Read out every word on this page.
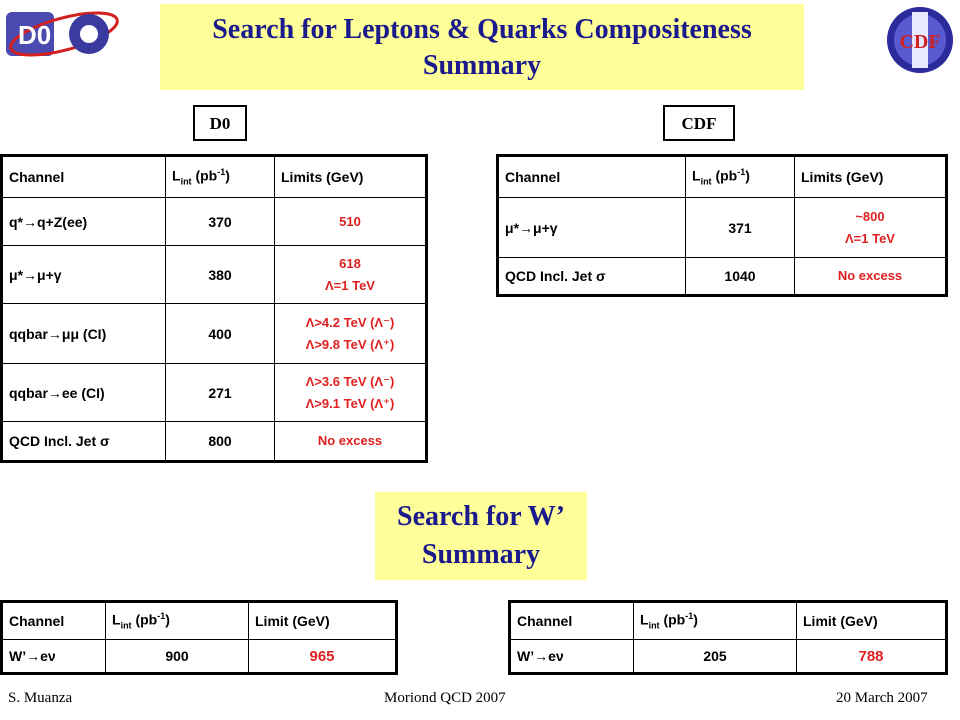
D0	CDF
Search for Leptons & Quarks Compositeness
Summary
D0	CDF
Channel	$L_{int}$ $(pb^{-1})$	Limits (GeV)
q*→q+Z(ee)	370	510

μ*→μ+γ	380	618
Λ=1 TeV

qqbar→μμ (CI)	400	Λ>4.2 TeV (Λ⁻)
Λ>9.8 TeV (Λ⁺)

qqbar→ee (CI)	271	Λ>3.6 TeV (Λ⁻)
Λ>9.1 TeV (Λ⁺)

QCD Incl. Jet σ	800	No excess
Channel	$L_{int}$ $(pb^{-1})$	Limits (GeV)
μ*→μ+γ	371	~800
Λ=1 TeV

QCD Incl. Jet σ	1040	No excess
Search for W’
Summary
Channel	$L_{int}$ $(pb^{-1})$	Limit (GeV)
W’→eν	900	965
Channel	$L_{int}$ $(pb^{-1})$	Limit (GeV)
W’→eν	205	788
S. Muanza	Moriond QCD 2007	20 March 2007
